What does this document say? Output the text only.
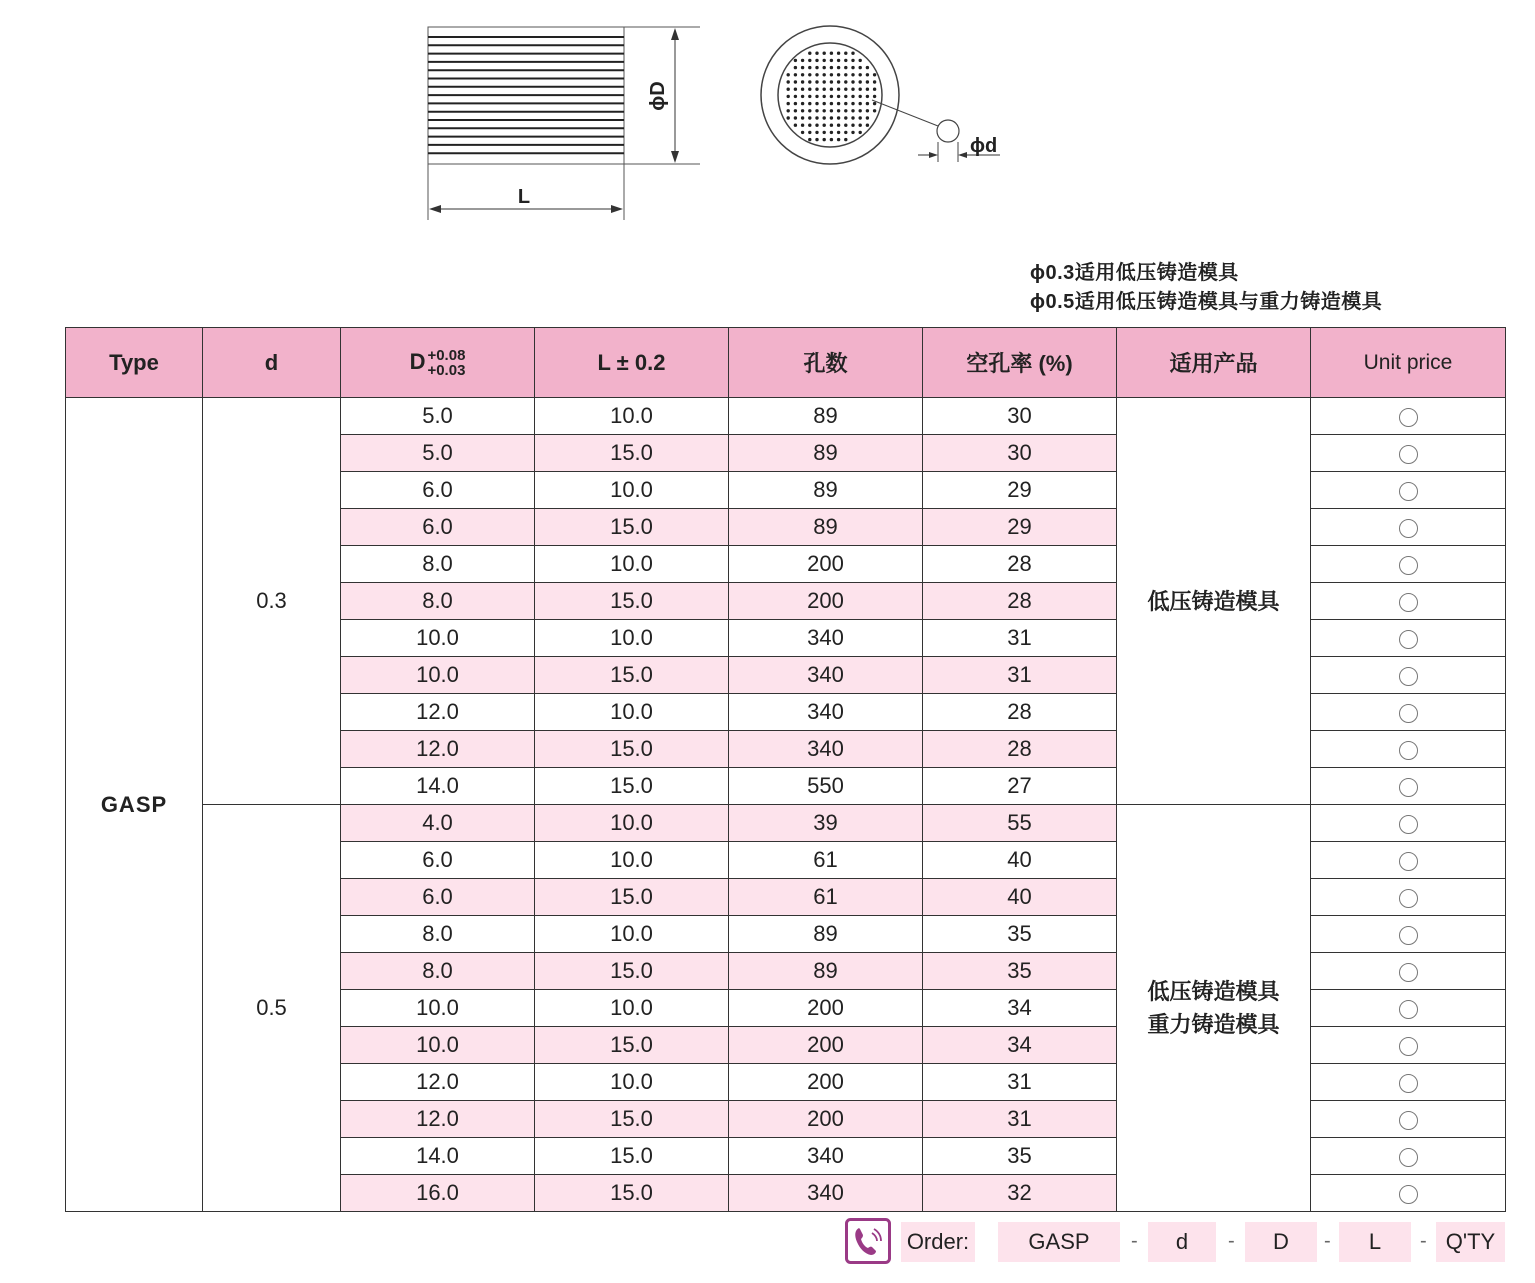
ϕD
L
ϕd
ϕ0.3适用低压铸造模具
ϕ0.5适用低压铸造模具与重力铸造模具
Type	d	D +0.08
+0.03	L ± 0.2	孔数	空孔率 (%)	适用产品	Unit price
GASP	0.3	5.0	10.0	89	30	低压铸造模具	

		5.0	15.0	89	30		
		6.0	10.0	89	29		
		6.0	15.0	89	29		
		8.0	10.0	200	28		
		8.0	15.0	200	28		
		10.0	10.0	340	31		
		10.0	15.0	340	31		
		12.0	10.0	340	28		
		12.0	15.0	340	28		
		14.0	15.0	550	27		
	0.5	4.0	10.0	39	55	低压铸造模具
重力铸造模具	

		6.0	10.0	61	40		
		6.0	15.0	61	40		
		8.0	10.0	89	35		
		8.0	15.0	89	35		
		10.0	10.0	200	34		
		10.0	15.0	200	34		
		12.0	10.0	200	31		
		12.0	15.0	200	31		
		14.0	15.0	340	35		
		16.0	15.0	340	32		
Order:	GASP	-	d	-	D	-	L	- Q'TY
